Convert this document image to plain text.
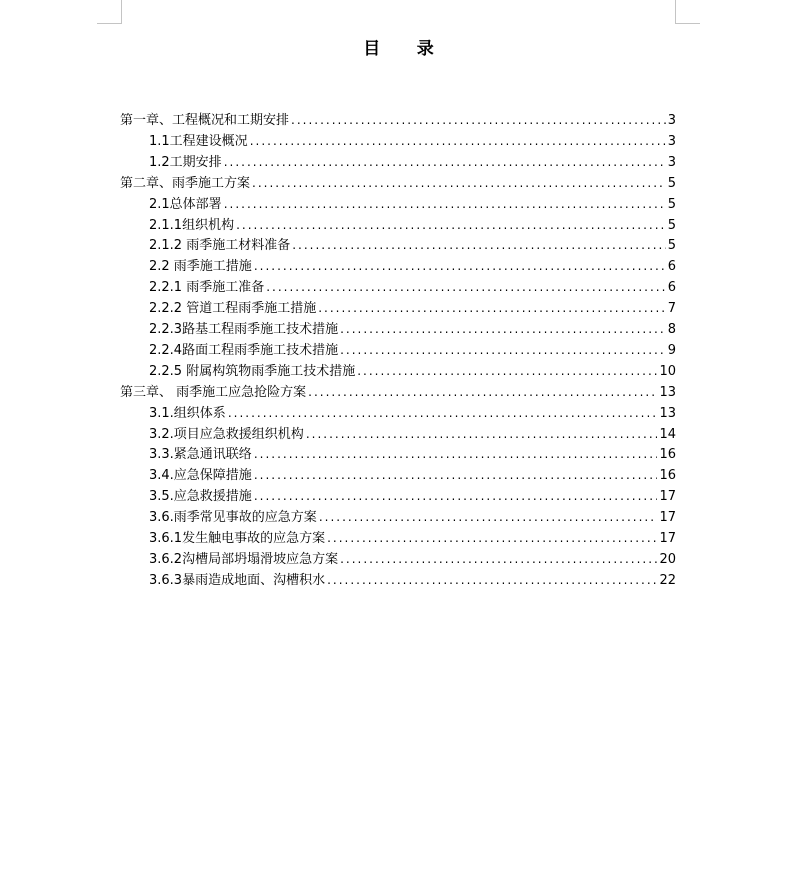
目 录
第一章、工程概况和工期安排 .....	3
1.1工程建设概况 .....	3
1.2工期安排 .....	3
第二章、雨季施工方案 .....	5
2.1总体部署 .....	5
2.1.1组织机构 .....	5
2.1.2 雨季施工材料准备 .....	5
2.2 雨季施工措施 .....	6
2.2.1 雨季施工准备 .....	6
2.2.2 管道工程雨季施工措施 .....	7
2.2.3路基工程雨季施工技术措施 .....	8
2.2.4路面工程雨季施工技术措施 .....	9
2.2.5 附属构筑物雨季施工技术措施 .....	10
第三章、 雨季施工应急抢险方案 .....	13
3.1.组织体系 .....	13
3.2.项目应急救援组织机构 .....	14
3.3.紧急通讯联络 .....	16
3.4.应急保障措施 .....	16
3.5.应急救援措施 .....	17
3.6.雨季常见事故的应急方案 .....	17
3.6.1发生触电事故的应急方案 .....	17
3.6.2沟槽局部坍塌滑坡应急方案 .....	20
3.6.3暴雨造成地面、沟槽积水 .....	22
